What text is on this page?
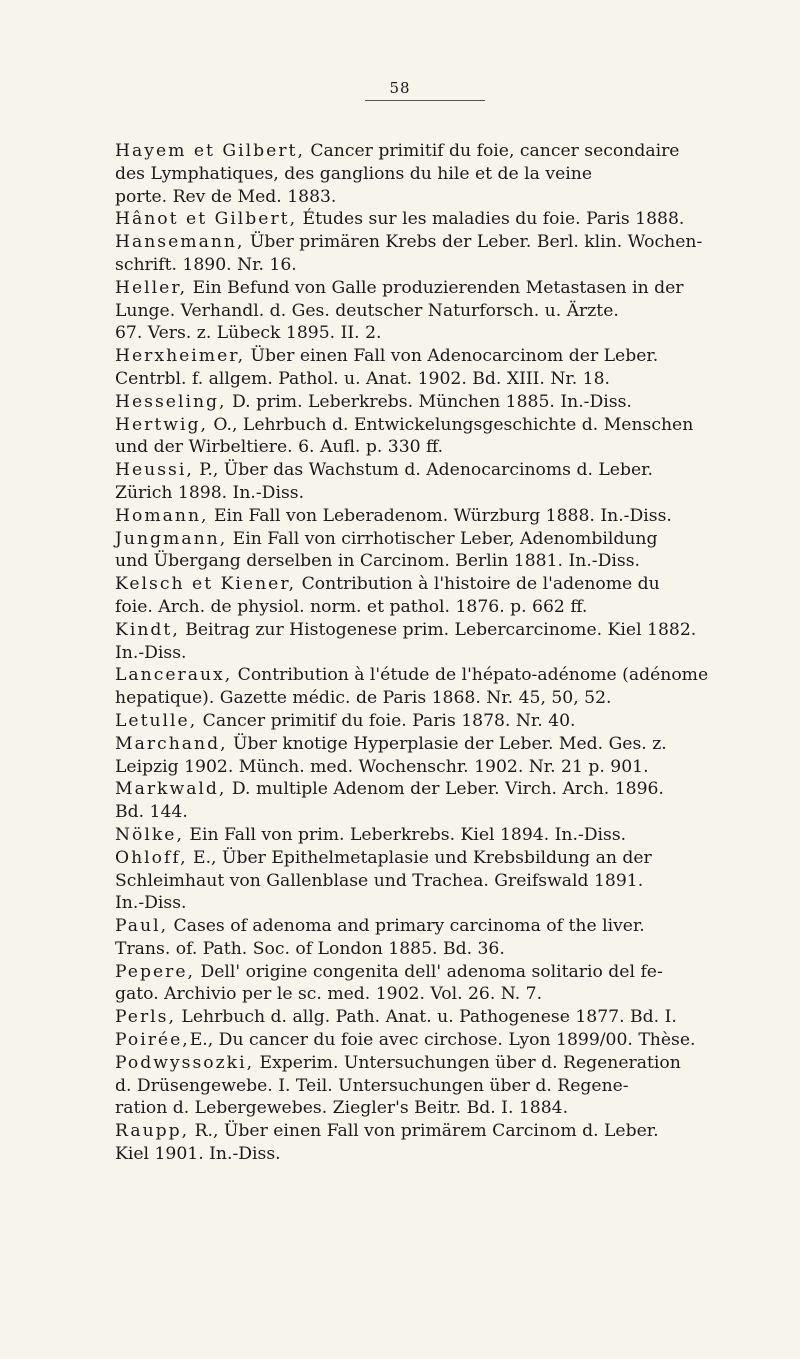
58
Hayem et Gilbert, Cancer primitif du foie, cancer secondaire
des Lymphatiques, des ganglions du hile et de la veine
porte. Rev de Med. 1883.
Hânot et Gilbert, Études sur les maladies du foie. Paris 1888.
Hansemann, Über primären Krebs der Leber. Berl. klin. Wochen-
schrift. 1890. Nr. 16.
Heller, Ein Befund von Galle produzierenden Metastasen in der
Lunge. Verhandl. d. Ges. deutscher Naturforsch. u. Ärzte.
67. Vers. z. Lübeck 1895. II. 2.
Herxheimer, Über einen Fall von Adenocarcinom der Leber.
Centrbl. f. allgem. Pathol. u. Anat. 1902. Bd. XIII. Nr. 18.
Hesseling, D. prim. Leberkrebs. München 1885. In.-Diss.
Hertwig, O., Lehrbuch d. Entwickelungsgeschichte d. Menschen
und der Wirbeltiere. 6. Aufl. p. 330 ff.
Heussi, P., Über das Wachstum d. Adenocarcinoms d. Leber.
Zürich 1898. In.-Diss.
Homann, Ein Fall von Leberadenom. Würzburg 1888. In.-Diss.
Jungmann, Ein Fall von cirrhotischer Leber, Adenombildung
und Übergang derselben in Carcinom. Berlin 1881. In.-Diss.
Kelsch et Kiener, Contribution à l'histoire de l'adenome du
foie. Arch. de physiol. norm. et pathol. 1876. p. 662 ff.
Kindt, Beitrag zur Histogenese prim. Lebercarcinome. Kiel 1882.
In.-Diss.
Lanceraux, Contribution à l'étude de l'hépato-adénome (adénome
hepatique). Gazette médic. de Paris 1868. Nr. 45, 50, 52.
Letulle, Cancer primitif du foie. Paris 1878. Nr. 40.
Marchand, Über knotige Hyperplasie der Leber. Med. Ges. z.
Leipzig 1902. Münch. med. Wochenschr. 1902. Nr. 21 p. 901.
Markwald, D. multiple Adenom der Leber. Virch. Arch. 1896.
Bd. 144.
Nölke, Ein Fall von prim. Leberkrebs. Kiel 1894. In.-Diss.
Ohloff, E., Über Epithelmetaplasie und Krebsbildung an der
Schleimhaut von Gallenblase und Trachea. Greifswald 1891.
In.-Diss.
Paul, Cases of adenoma and primary carcinoma of the liver.
Trans. of. Path. Soc. of London 1885. Bd. 36.
Pepere, Dell' origine congenita dell' adenoma solitario del fe-
gato. Archivio per le sc. med. 1902. Vol. 26. N. 7.
Perls, Lehrbuch d. allg. Path. Anat. u. Pathogenese 1877. Bd. I.
Poirée,E., Du cancer du foie avec circhose. Lyon 1899/00. Thèse.
Podwyssozki, Experim. Untersuchungen über d. Regeneration
d. Drüsengewebe. I. Teil. Untersuchungen über d. Regene-
ration d. Lebergewebes. Ziegler's Beitr. Bd. I. 1884.
Raupp, R., Über einen Fall von primärem Carcinom d. Leber.
Kiel 1901. In.-Diss.
